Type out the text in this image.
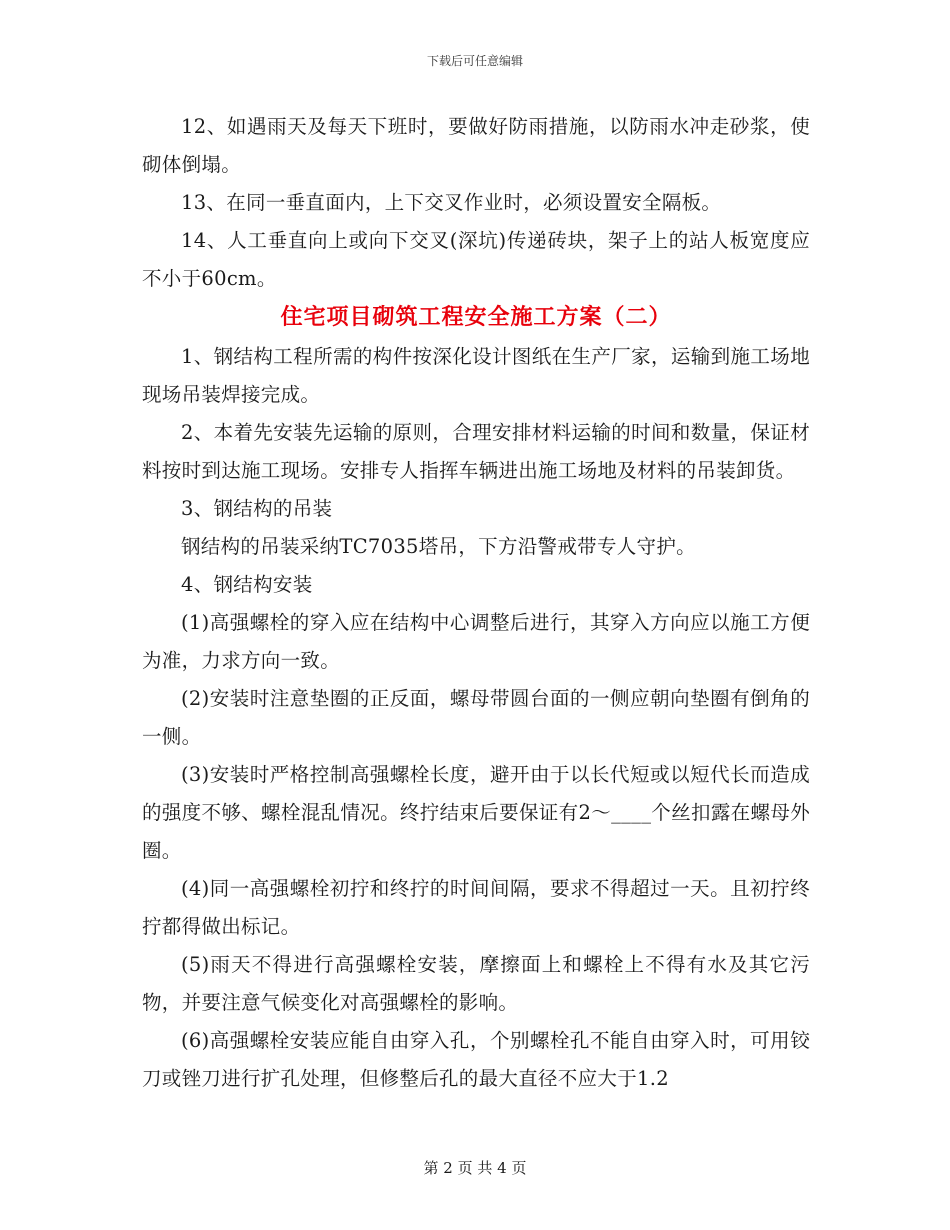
下载后可任意编辑

12、如遇雨天及每天下班时，要做好防雨措施，以防雨水冲走砂浆，使砌体倒塌。

13、在同一垂直面内，上下交叉作业时，必须设置安全隔板。

14、人工垂直向上或向下交叉(深坑)传递砖块，架子上的站人板宽度应不小于60cm。

住宅项目砌筑工程安全施工方案（二）

1、钢结构工程所需的构件按深化设计图纸在生产厂家，运输到施工场地现场吊装焊接完成。

2、本着先安装先运输的原则，合理安排材料运输的时间和数量，保证材料按时到达施工现场。安排专人指挥车辆进出施工场地及材料的吊装卸货。

3、钢结构的吊装

钢结构的吊装采纳TC7035塔吊，下方沿警戒带专人守护。

4、钢结构安装

(1)高强螺栓的穿入应在结构中心调整后进行，其穿入方向应以施工方便为准，力求方向一致。

(2)安装时注意垫圈的正反面，螺母带圆台面的一侧应朝向垫圈有倒角的一侧。

(3)安装时严格控制高强螺栓长度，避开由于以长代短或以短代长而造成的强度不够、螺栓混乱情况。终拧结束后要保证有2～____个丝扣露在螺母外圈。

(4)同一高强螺栓初拧和终拧的时间间隔，要求不得超过一天。且初拧终拧都得做出标记。

(5)雨天不得进行高强螺栓安装，摩擦面上和螺栓上不得有水及其它污物，并要注意气候变化对高强螺栓的影响。

(6)高强螺栓安装应能自由穿入孔，个别螺栓孔不能自由穿入时，可用铰刀或锉刀进行扩孔处理，但修整后孔的最大直径不应大于1.2

第 2 页 共 4 页
